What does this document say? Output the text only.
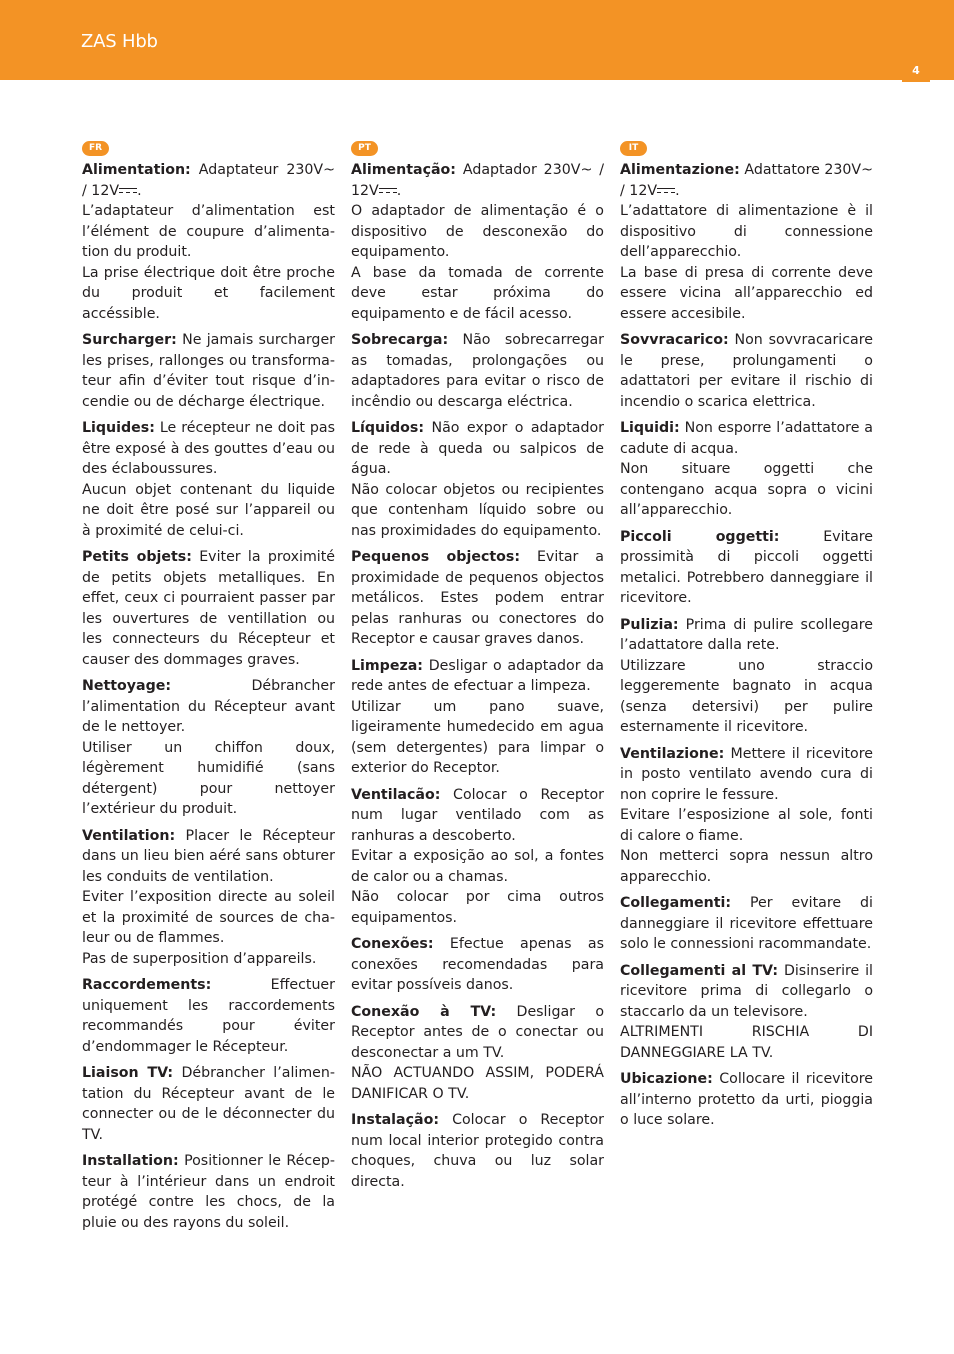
ZAS Hbb
4
FR

Alimentation: Adaptateur 230V~ / 12V .

L’adaptateur d’alimentation est l’élément de coupure d’alimentation du produit.

La prise électrique doit être proche du produit et facilement accéssible.

Surcharger: Ne jamais surcharger les prises, rallonges ou transformateur afin d’éviter tout risque d’incendie ou de décharge électrique.

Liquides: Le récepteur ne doit pas être exposé à des gouttes d’eau ou des éclaboussures.

Aucun objet contenant du liquide ne doit être posé sur l’appareil ou à proximité de celui-ci.

Petits objets: Eviter la proximité de petits objets metalliques. En effet, ceux ci pourraient passer par les ouvertures de ventillation ou les connecteurs du Récepteur et causer des dommages graves.

Nettoyage:	Débrancher l’alimentation du Récepteur avant de le nettoyer.

Utiliser un chiffon doux, légèrement humidifié (sans détergent) pour nettoyer l’extérieur du produit.

Ventilation: Placer le Récepteur dans un lieu bien aéré sans obturer les conduits de ventilation.

Eviter l’exposition directe au soleil et la proximité de sources de chaleur ou de flammes.

Pas de superposition d’appareils.

Raccordements:	Effectuer uniquement les raccordements recommandés pour éviter d’endommager le Récepteur.

Liaison TV: Débrancher l’alimentation du Récepteur avant de le connecter ou de le déconnecter du TV.

Installation: Positionner le Récepteur à l’intérieur dans un endroit protégé contre les chocs, de la pluie ou des rayons du soleil.

PT

Alimentação: Adaptador 230V~ / 12V .

O adaptador de alimentação é o dispositivo de desconexão do equipamento.

A base da tomada de corrente deve estar próxima do equipamento e de fácil acesso.

Sobrecarga: Não sobrecarregar as tomadas, prolongações ou adaptadores para evitar o risco de incêndio ou descarga eléctrica.

Líquidos: Não expor o adaptador de rede à queda ou salpicos de água.

Não colocar objetos ou recipientes que contenham líquido sobre ou nas proximidades do equipamento.

Pequenos objectos: Evitar a proximidade de pequenos objectos metálicos. Estes podem entrar pelas ranhuras ou conectores do Receptor e causar graves danos.

Limpeza: Desligar o adaptador da rede antes de efectuar a limpeza.

Utilizar um pano suave, ligeiramente humedecido em agua (sem detergentes) para limpar o exterior do Receptor.

Ventilacão: Colocar o Receptor num lugar ventilado com as ranhuras a descoberto.

Evitar a exposição ao sol, a fontes de calor ou a chamas.

Não colocar por cima outros equipamentos.

Conexões: Efectue apenas as conexões recomendadas para evitar possíveis danos.

Conexão à TV: Desligar o Receptor antes de o conectar ou desconectar a um TV.

NÃO ACTUANDO ASSIM, PODERÁ DANIFICAR O TV.

Instalação: Colocar o Receptor num local interior protegido contra choques, chuva ou luz solar directa.

IT

Alimentazione: Adattatore 230V~ / 12V .

L’adattatore di alimentazione è il dispositivo di connessione dell’apparecchio.

La base di presa di corrente deve essere vicina all’apparecchio ed essere accesibile.

Sovvracarico: Non sovvracaricare le prese, prolungamenti o adattatori per evitare il rischio di incendio o scarica elettrica.

Liquidi: Non esporre l’adattatore a cadute di acqua.

Non situare oggetti che contengano acqua sopra o vicini all’apparecchio.

Piccoli oggetti:	Evitare prossimità di piccoli oggetti metalici. Potrebbero danneggiare il ricevitore.

Pulizia: Prima di pulire scollegare l’adattatore dalla rete.

Utilizzare uno straccio leggeremente bagnato in acqua (senza detersivi) per pulire esternamente il ricevitore.

Ventilazione: Mettere il ricevitore in posto ventilato avendo cura di non coprire le fessure.

Evitare l’esposizione al sole, fonti di calore o fiame.

Non metterci sopra nessun altro apparecchio.

Collegamenti: Per evitare di danneggiare il ricevitore effettuare solo le connessioni racommandate.

Collegamenti al TV: Disinserire il ricevitore prima di collegarlo o staccarlo da un televisore.

ALTRIMENTI RISCHIA DI DANNEGGIARE LA TV.

Ubicazione: Collocare il ricevitore all’interno protetto da urti, pioggia o luce solare.
